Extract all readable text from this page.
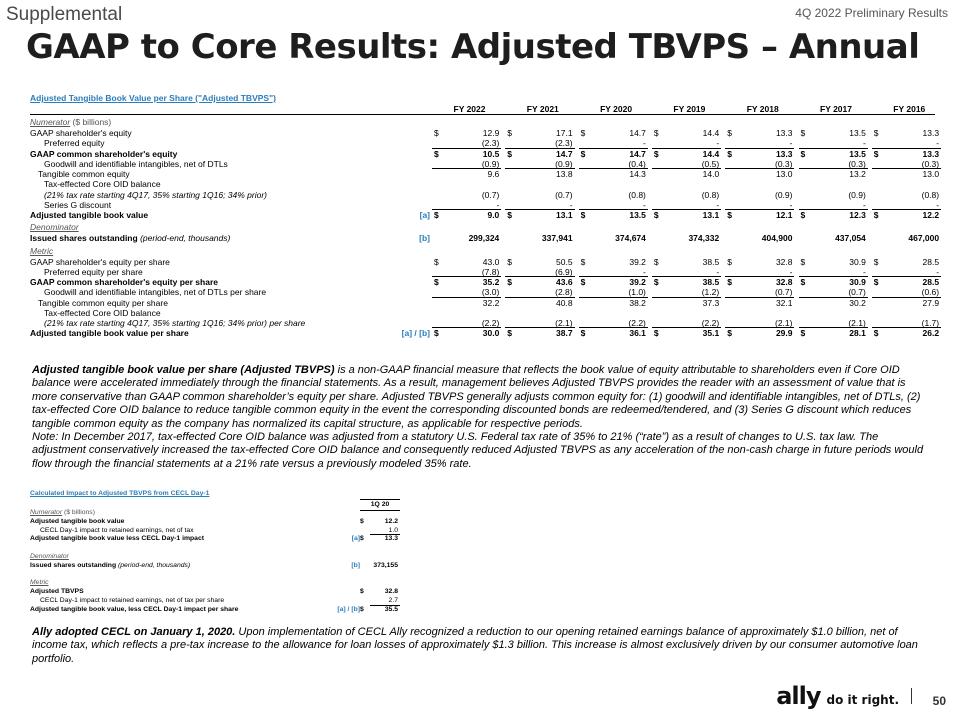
Supplemental	4Q 2022 Preliminary Results
GAAP to Core Results: Adjusted TBVPS – Annual
Adjusted Tangible Book Value per Share ("Adjusted TBVPS")
FY 2022	FY 2021	FY 2020	FY 2019	FY 2018	FY 2017	FY 2016
Numerator ($ billions)
GAAP shareholder's equity	$	12.9 $	17.1 $	14.7 $	14.4 $	13.3 $	13.5 $	13.3
Preferred equity	(2.3)	(2.3)	-	-	-	-	-
GAAP common shareholder's equity	$	10.5 $	14.7 $	14.7 $	14.4 $	13.3 $	13.5 $	13.3
Goodwill and identifiable intangibles, net of DTLs	(0.9)	(0.9)	(0.4)	(0.5)	(0.3)	(0.3)	(0.3)
Tangible common equity	9.6	13.8	14.3	14.0	13.0	13.2	13.0
Tax-effected Core OID balance
(21% tax rate starting 4Q17, 35% starting 1Q16; 34% prior)	(0.7)	(0.7)	(0.8)	(0.8)	(0.9)	(0.9)	(0.8)
Series G discount	-	-	-	-	-	-	-
Adjusted tangible book value	[a] $	9.0 $	13.1 $	13.5 $	13.1 $	12.1 $	12.3 $	12.2
Denominator
Issued shares outstanding (period-end, thousands)	[b]	299,324	337,941	374,674	374,332	404,900	437,054	467,000
Metric
GAAP shareholder's equity per share	$	43.0 $	50.5 $	39.2 $	38.5 $	32.8 $	30.9 $	28.5
Preferred equity per share	(7.8)	(6.9)	-	-	-	-	-
GAAP common shareholder's equity per share	$	35.2 $	43.6 $	39.2 $	38.5 $	32.8 $	30.9 $	28.5
Goodwill and identifiable intangibles, net of DTLs per share	(3.0)	(2.8)	(1.0)	(1.2)	(0.7)	(0.7)	(0.6)
Tangible common equity per share	32.2	40.8	38.2	37.3	32.1	30.2	27.9
Tax-effected Core OID balance
(21% tax rate starting 4Q17, 35% starting 1Q16; 34% prior) per share	(2.2)	(2.1)	(2.2)	(2.2)	(2.1)	(2.1)	(1.7)
Adjusted tangible book value per share	[a] / [b] $	30.0 $	38.7 $	36.1 $	35.1 $	29.9 $	28.1 $	26.2
Adjusted tangible book value per share (Adjusted TBVPS) is a non-GAAP financial measure that reflects the book value of equity attributable to shareholders even if Core OID balance were accelerated immediately through the financial statements. As a result, management believes Adjusted TBVPS provides the reader with an assessment of value that is more conservative than GAAP common shareholder’s equity per share. Adjusted TBVPS generally adjusts common equity for: (1) goodwill and identifiable intangibles, net of DTLs, (2) tax-effected Core OID balance to reduce tangible common equity in the event the corresponding discounted bonds are redeemed/tendered, and (3) Series G discount which reduces tangible common equity as the company has normalized its capital structure, as applicable for respective periods.
Note: In December 2017, tax-effected Core OID balance was adjusted from a statutory U.S. Federal tax rate of 35% to 21% (“rate”) as a result of changes to U.S. tax law. The adjustment conservatively increased the tax-effected Core OID balance and consequently reduced Adjusted TBVPS as any acceleration of the non-cash charge in future periods would flow through the financial statements at a 21% rate versus a previously modeled 35% rate.
Calculated Impact to Adjusted TBVPS from CECL Day-1
1Q 20
Numerator ($ billions)
Adjusted tangible book value	$	12.2
CECL Day-1 impact to retained earnings, net of tax	1.0
Adjusted tangible book value less CECL Day-1 impact	[a] $	13.3
Denominator
Issued shares outstanding (period-end, thousands)	[b] 373,155
Metric
Adjusted TBVPS	$	32.8
CECL Day-1 impact to retained earnings, net of tax per share	2.7
Adjusted tangible book value, less CECL Day-1 impact per share	[a] / [b] $	35.5
Ally adopted CECL on January 1, 2020. Upon implementation of CECL Ally recognized a reduction to our opening retained earnings balance of approximately $1.0 billion, net of income tax, which reflects a pre-tax increase to the allowance for loan losses of approximately $1.3 billion. This increase is almost exclusively driven by our consumer automotive loan portfolio.
ally do it right.	50
